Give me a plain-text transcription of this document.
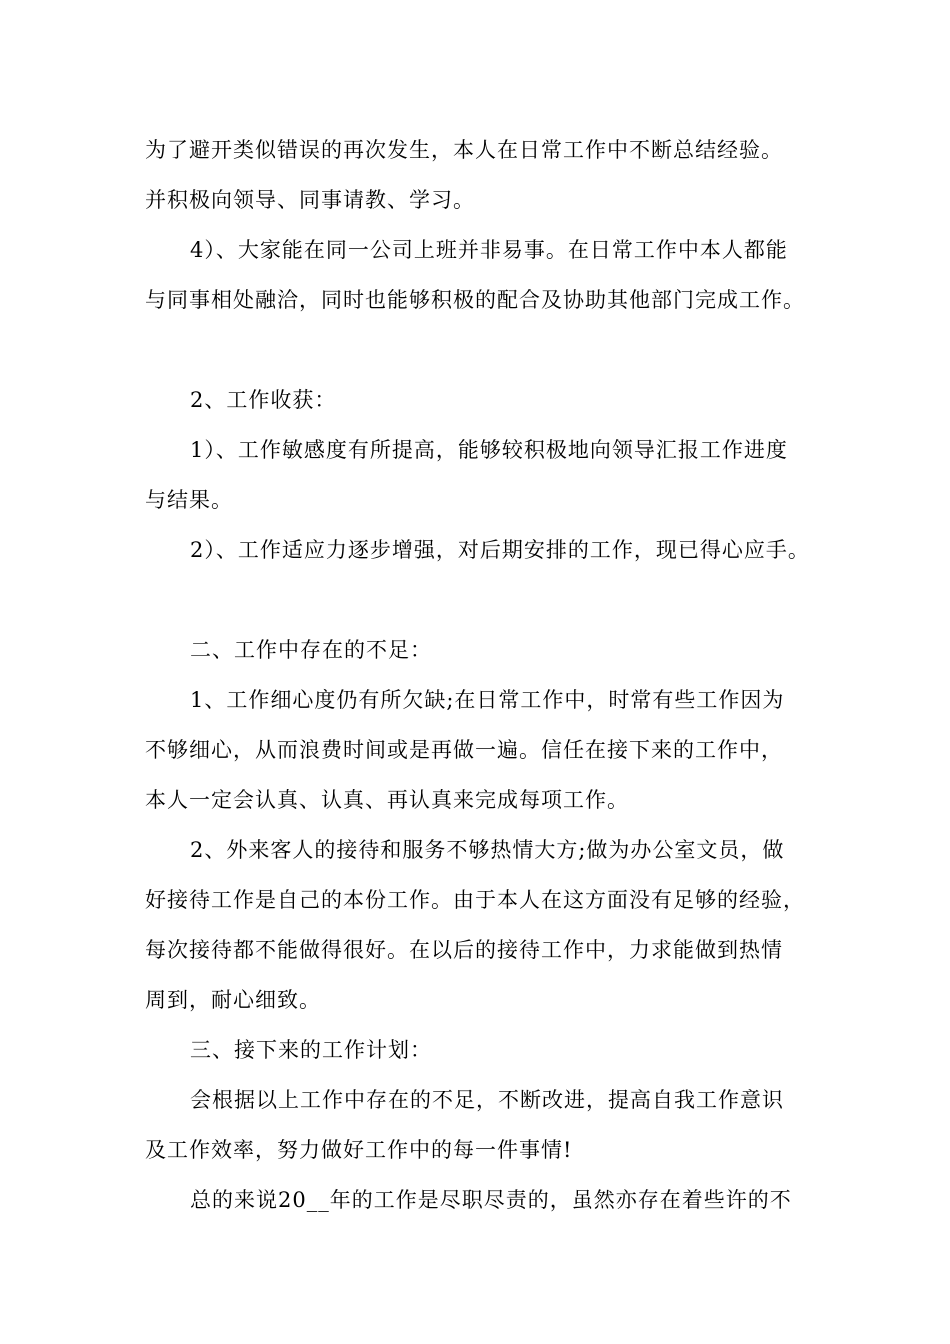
为了避开类似错误的再次发生，本人在日常工作中不断总结经验。
并积极向领导、同事请教、学习。
4）、大家能在同一公司上班并非易事。在日常工作中本人都能
与同事相处融洽，同时也能够积极的配合及协助其他部门完成工作。
2、工作收获：
1）、工作敏感度有所提高，能够较积极地向领导汇报工作进度
与结果。
2）、工作适应力逐步增强，对后期安排的工作，现已得心应手。
二、工作中存在的不足：
1、工作细心度仍有所欠缺;在日常工作中，时常有些工作因为
不够细心，从而浪费时间或是再做一遍。信任在接下来的工作中，
本人一定会认真、认真、再认真来完成每项工作。
2、外来客人的接待和服务不够热情大方;做为办公室文员，做
好接待工作是自己的本份工作。由于本人在这方面没有足够的经验，
每次接待都不能做得很好。在以后的接待工作中，力求能做到热情
周到，耐心细致。
三、接下来的工作计划：
会根据以上工作中存在的不足，不断改进，提高自我工作意识
及工作效率，努力做好工作中的每一件事情!
总的来说20__年的工作是尽职尽责的，虽然亦存在着些许的不
